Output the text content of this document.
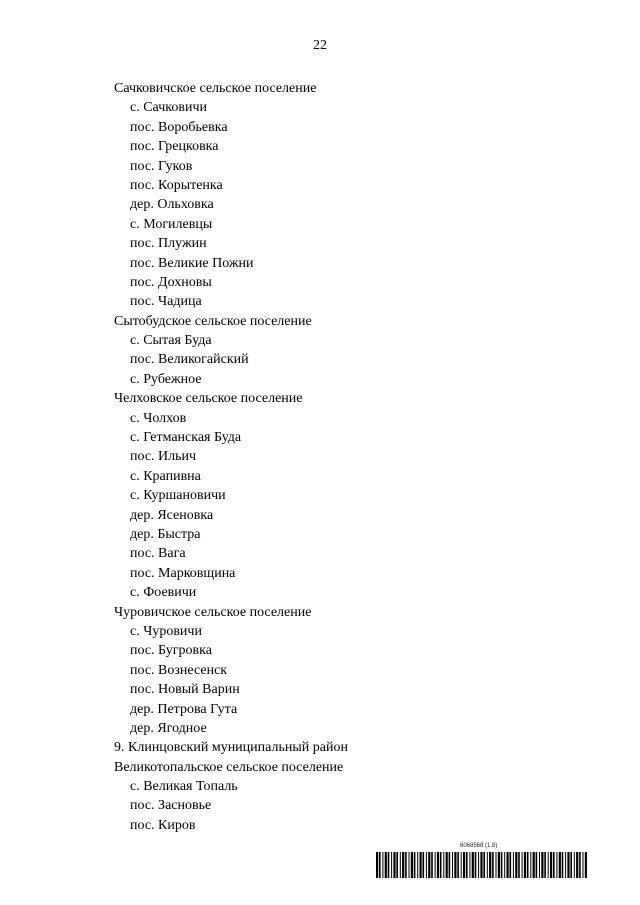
22
Сачковичское сельское поселение
с. Сачковичи
пос. Воробьевка
пос. Грецковка
пос. Гуков
пос. Корытенка
дер. Ольховка
с. Могилевцы
пос. Плужин
пос. Великие Пожни
пос. Дохновы
пос. Чадица
Сытобудское сельское поселение
с. Сытая Буда
пос. Великогайский
с. Рубежное
Челховское сельское поселение
с. Чолхов
с. Гетманская Буда
пос. Ильич
с. Крапивна
с. Куршановичи
дер. Ясеновка
дер. Быстра
пос. Вага
пос. Марковщина
с. Фоевичи
Чуровичское сельское поселение
с. Чуровичи
пос. Бугровка
пос. Вознесенск
пос. Новый Варин
дер. Петрова Гута
дер. Ягодное
9. Клинцовский муниципальный район
Великотопальское сельское поселение
с. Великая Топаль
пос. Засновье
пос. Киров
6068568 (1.8)
